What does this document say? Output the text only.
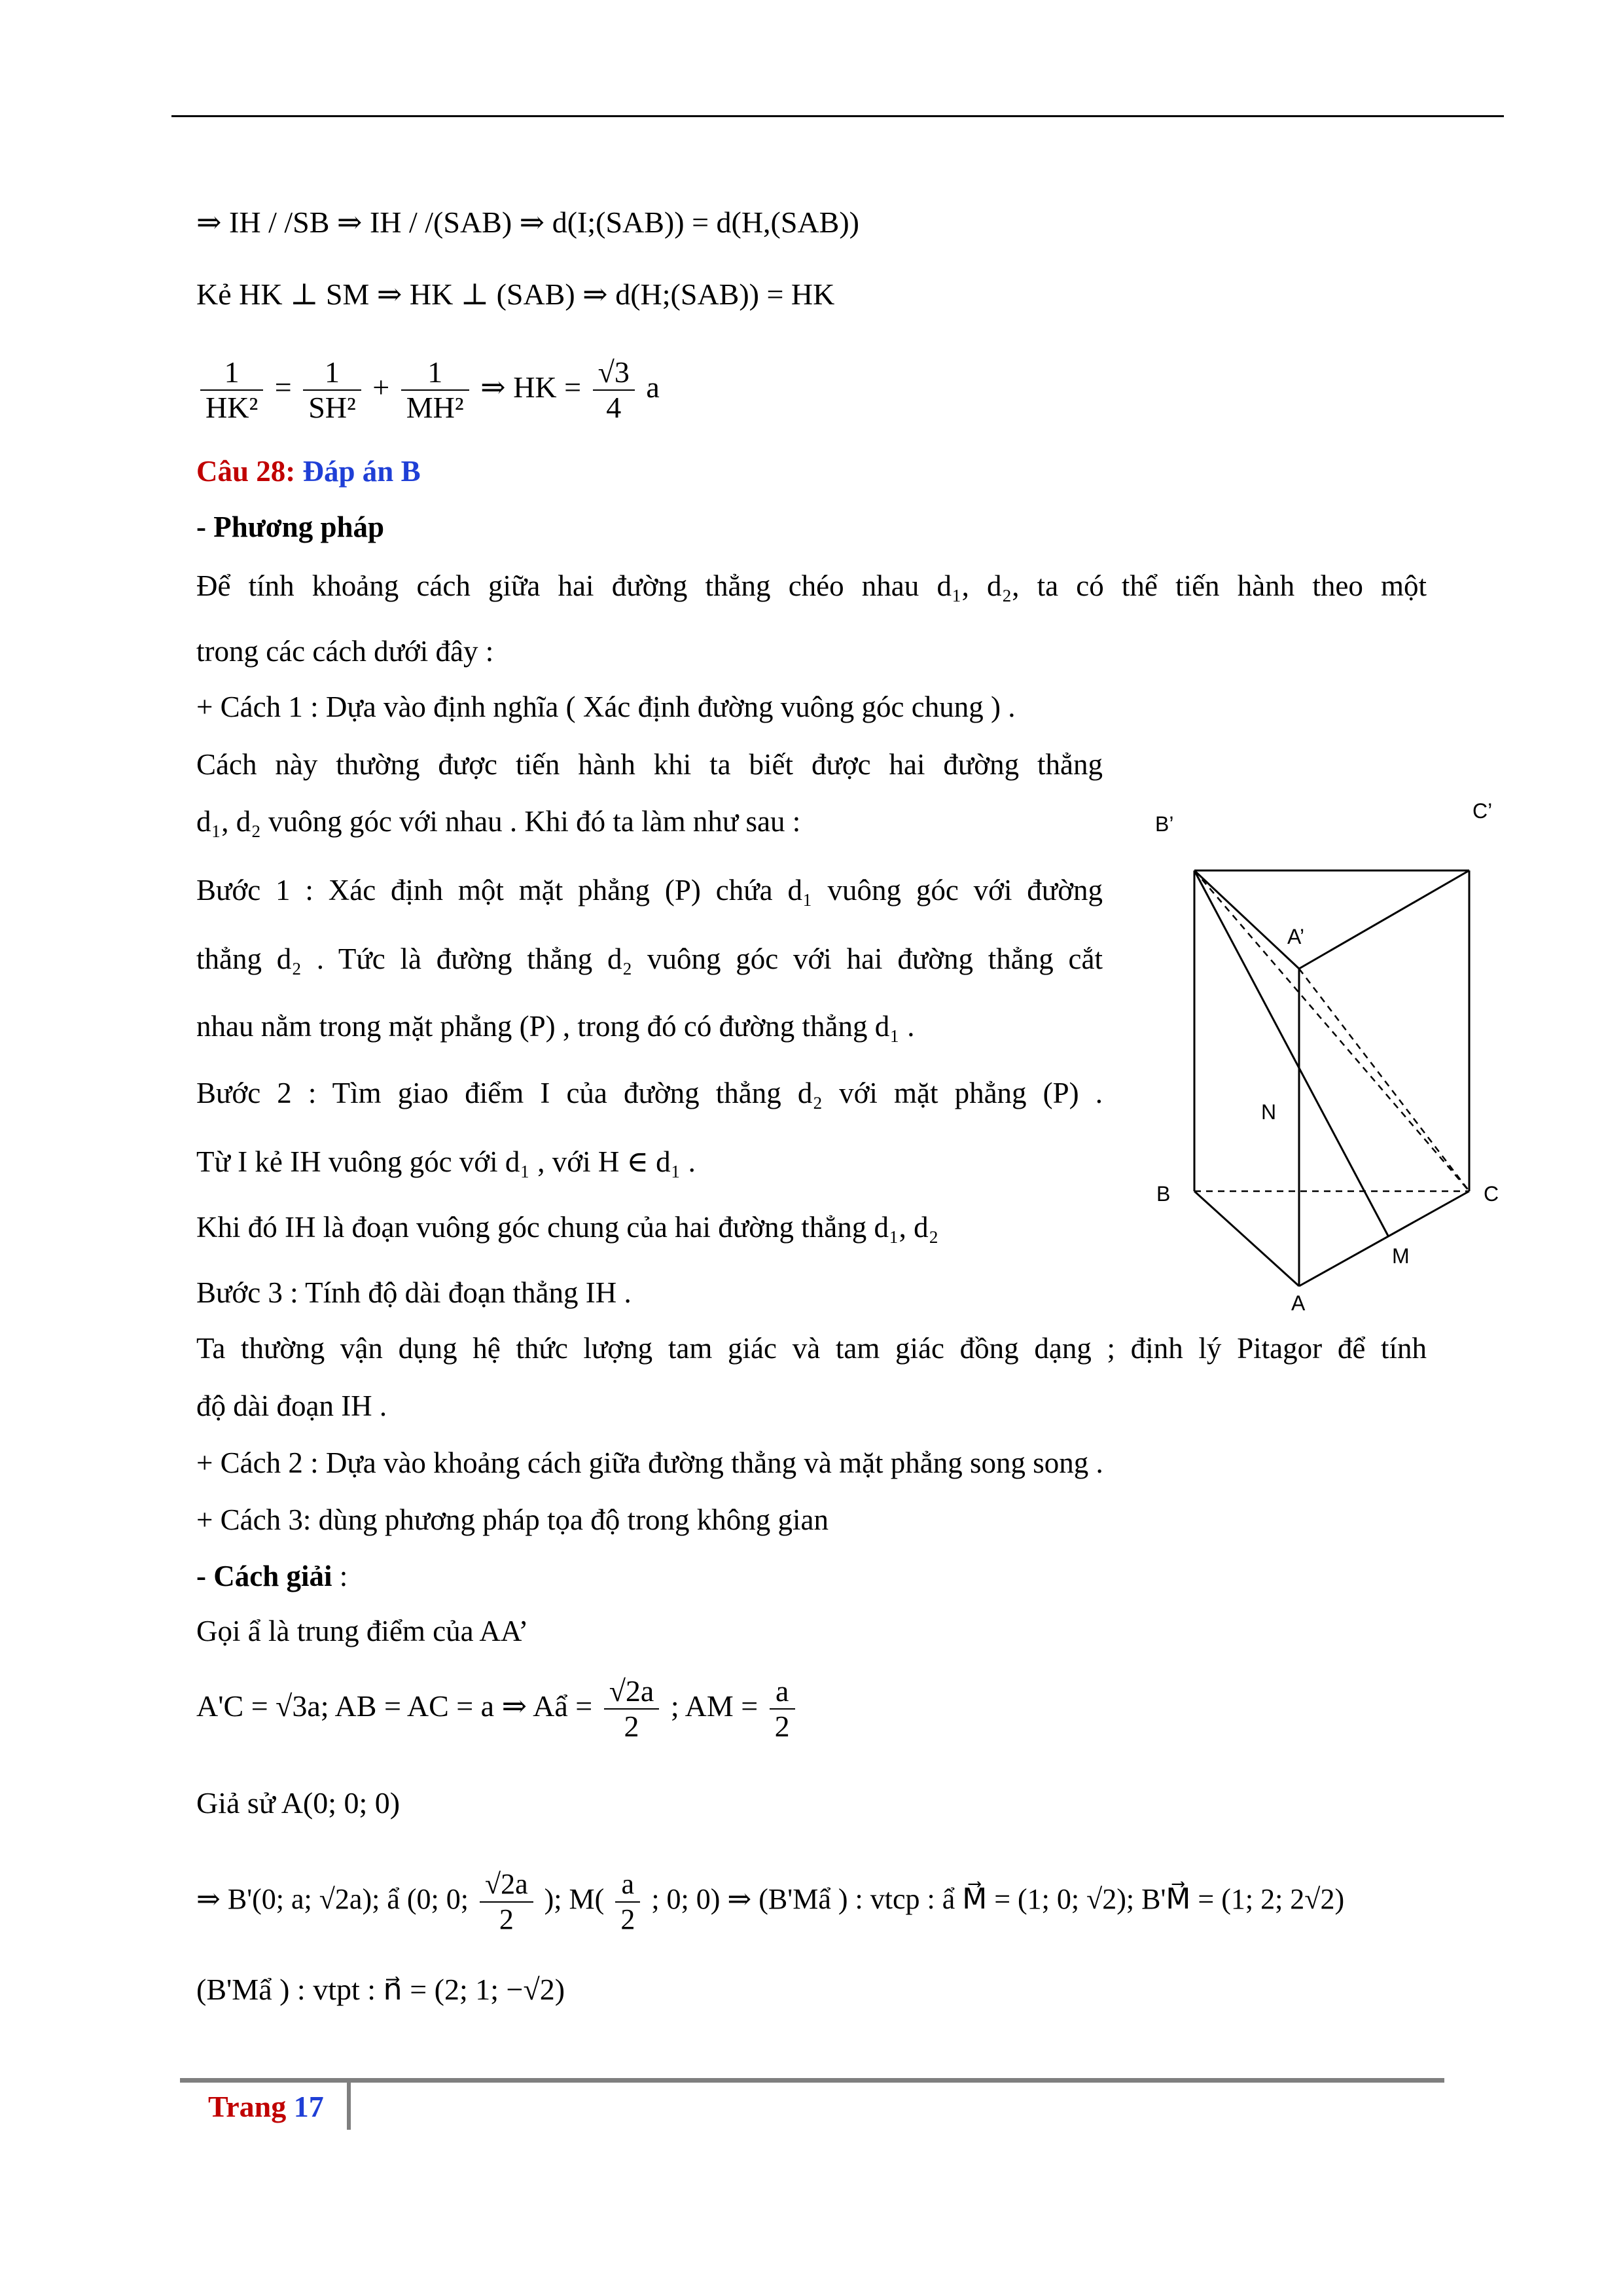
⇒ IH / /SB ⇒ IH / /(SAB) ⇒ d(I;(SAB)) = d(H,(SAB))
Kẻ HK ⊥ SM ⇒ HK ⊥ (SAB) ⇒ d(H;(SAB)) = HK
$\frac{1}{\text{HK²}} = \frac{1}{\text{SH²}} + \frac{1}{\text{MH²}}$ ⇒ HK = $\frac{√3}{4}$ a
Câu 28: Đáp án B
- Phương pháp
Để tính khoảng cách giữa hai đường thẳng chéo nhau d₁, d₂, ta có thể tiến hành theo một
trong các cách dưới đây :
+ Cách 1 : Dựa vào định nghĩa ( Xác định đường vuông góc chung ) .
Cách này thường được tiến hành khi ta biết được hai đường thẳng
d₁, d₂ vuông góc với nhau . Khi đó ta làm như sau :
Bước 1 : Xác định một mặt phẳng (P) chứa d₁ vuông góc với đường
thẳng d₂ . Tức là đường thẳng d₂ vuông góc với hai đường thẳng cắt
nhau nằm trong mặt phẳng (P) , trong đó có đường thẳng d₁ .
Bước 2 : Tìm giao điểm I của đường thẳng d₂ với mặt phẳng (P) .
Từ I kẻ IH vuông góc với d₁ , với H ∈ d₁ .
Khi đó IH là đoạn vuông góc chung của hai đường thẳng d₁, d₂
Bước 3 : Tính độ dài đoạn thẳng IH .
Ta thường vận dụng hệ thức lượng tam giác và tam giác đồng dạng ; định lý Pitagor để tính
độ dài đoạn IH .
+ Cách 2 : Dựa vào khoảng cách giữa đường thẳng và mặt phẳng song song .
+ Cách 3: dùng phương pháp tọa độ trong không gian
- Cách giải :
Gọi ẩ là trung điểm của AA’
A'C = √3a; AB = AC = a ⇒ Aẩ = $\frac{√2a}{2}$ ; AM = $\frac{a}{2}$
Giả sử A(0; 0; 0)
⇒ B'(0; a; √2a); ẩ (0; 0; $\frac{√2a}{2}$ ); $M( \frac{a}{2}$ ; 0; 0) ⇒ (B'Mẩ ) : vtcp : ẩ M⃗ = (1; 0; √2); B'M⃗ = (1; 2; 2√2)
(B'Mẩ ) : vtpt : n⃗ = (2; 1; −√2)
B’
C’
A’
N
B	C
M
A
Trang 17
